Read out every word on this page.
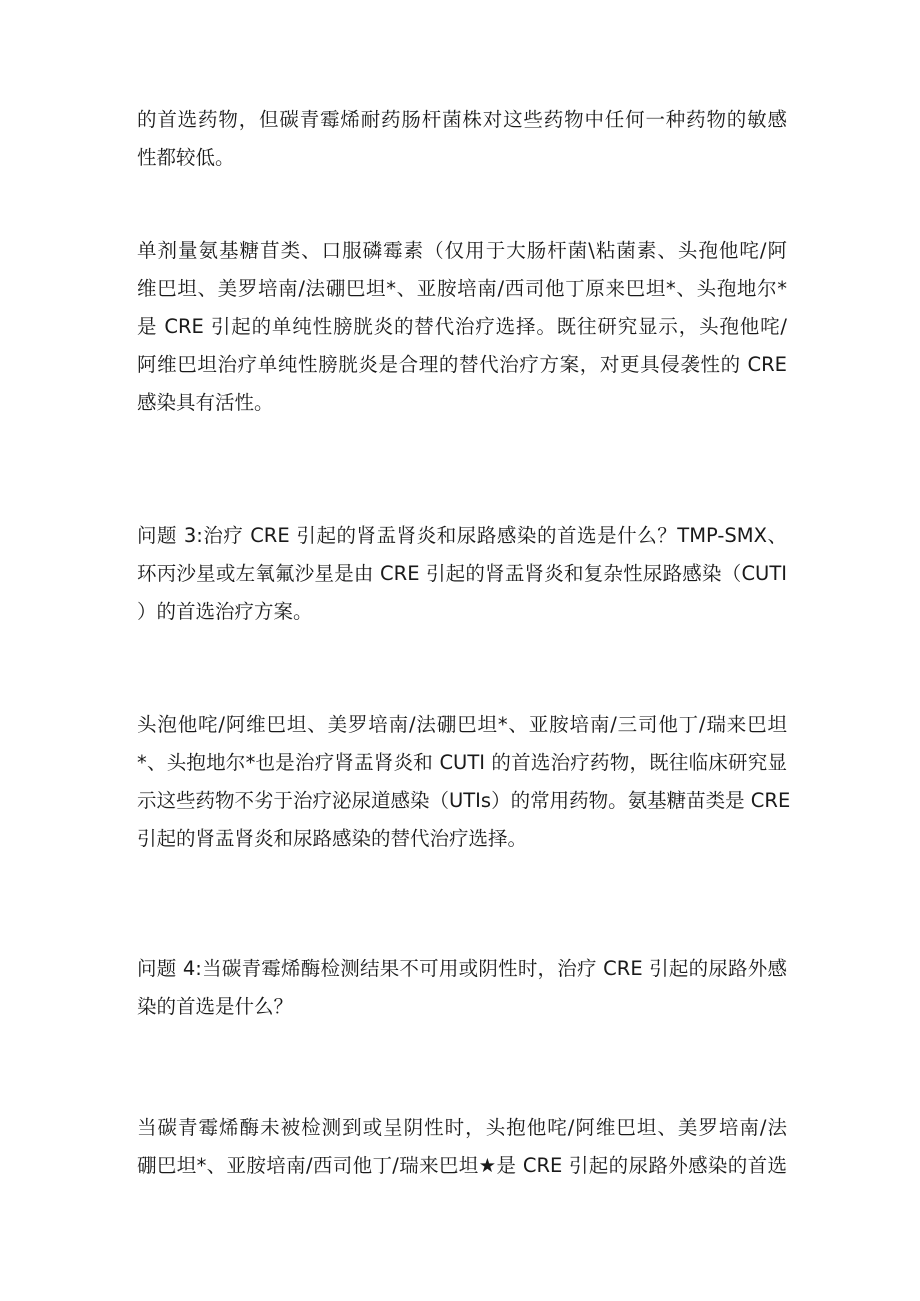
的首选药物，但碳青霉烯耐药肠杆菌株对这些药物中任何一种药物的敏感
性都较低。

单剂量氨基糖苜类、口服磷霉素（仅用于大肠杆菌\粘菌素、头孢他咤/阿
维巴坦、美罗培南/法硼巴坦*、亚胺培南/西司他丁原来巴坦*、头孢地尔*
是 CRE 引起的单纯性膀胱炎的替代治疗选择。既往研究显示，头孢他咤/
阿维巴坦治疗单纯性膀胱炎是合理的替代治疗方案，对更具侵袭性的 CRE
感染具有活性。

问题 3:治疗 CRE 引起的肾盂肾炎和尿路感染的首选是什么？TMP-SMX、
环丙沙星或左氧氟沙星是由 CRE 引起的肾盂肾炎和复杂性尿路感染（CUTI
）的首选治疗方案。

头泡他咤/阿维巴坦、美罗培南/法硼巴坦*、亚胺培南/三司他丁/瑞来巴坦
*、头抱地尔*也是治疗肾盂肾炎和 CUTI 的首选治疗药物，既往临床研究显
示这些药物不劣于治疗泌尿道感染（UTIs）的常用药物。氨基糖苗类是 CRE
引起的肾盂肾炎和尿路感染的替代治疗选择。

问题 4:当碳青霉烯酶检测结果不可用或阴性时，治疗 CRE 引起的尿路外感
染的首选是什么？

当碳青霉烯酶未被检测到或呈阴性时，头抱他咤/阿维巴坦、美罗培南/法
硼巴坦*、亚胺培南/西司他丁/瑞来巴坦★是 CRE 引起的尿路外感染的首选
